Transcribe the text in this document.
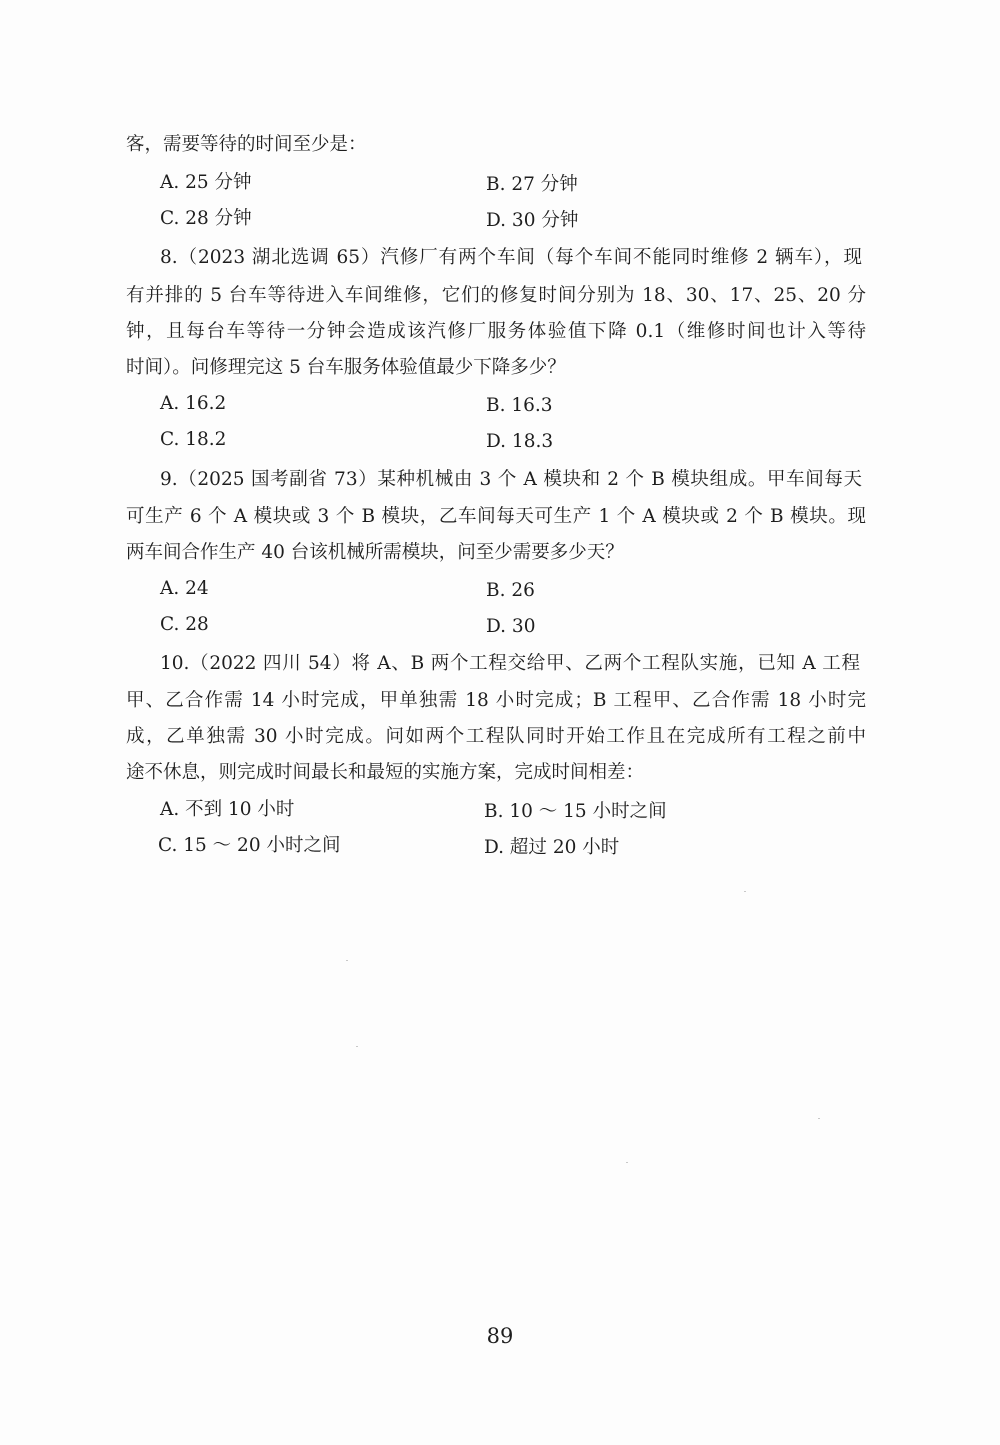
客，需要等待的时间至少是：
A. 25 分钟	B. 27 分钟
C. 28 分钟	D. 30 分钟
8.（2023 湖北选调 65）汽修厂有两个车间（每个车间不能同时维修 2 辆车），现
有并排的 5 台车等待进入车间维修，它们的修复时间分别为 18、30、17、25、20 分
钟，且每台车等待一分钟会造成该汽修厂服务体验值下降 0.1（维修时间也计入等待
时间）。问修理完这 5 台车服务体验值最少下降多少？
A. 16.2	B. 16.3
C. 18.2	D. 18.3
9.（2025 国考副省 73）某种机械由 3 个 A 模块和 2 个 B 模块组成。甲车间每天
可生产 6 个 A 模块或 3 个 B 模块，乙车间每天可生产 1 个 A 模块或 2 个 B 模块。现
两车间合作生产 40 台该机械所需模块，问至少需要多少天？
A. 24	B. 26
C. 28	D. 30
10.（2022 四川 54）将 A、B 两个工程交给甲、乙两个工程队实施，已知 A 工程
甲、乙合作需 14 小时完成，甲单独需 18 小时完成；B 工程甲、乙合作需 18 小时完
成，乙单独需 30 小时完成。问如两个工程队同时开始工作且在完成所有工程之前中
途不休息，则完成时间最长和最短的实施方案，完成时间相差：
A. 不到 10 小时	B. 10 ～ 15 小时之间
C. 15 ～ 20 小时之间	D. 超过 20 小时
89
